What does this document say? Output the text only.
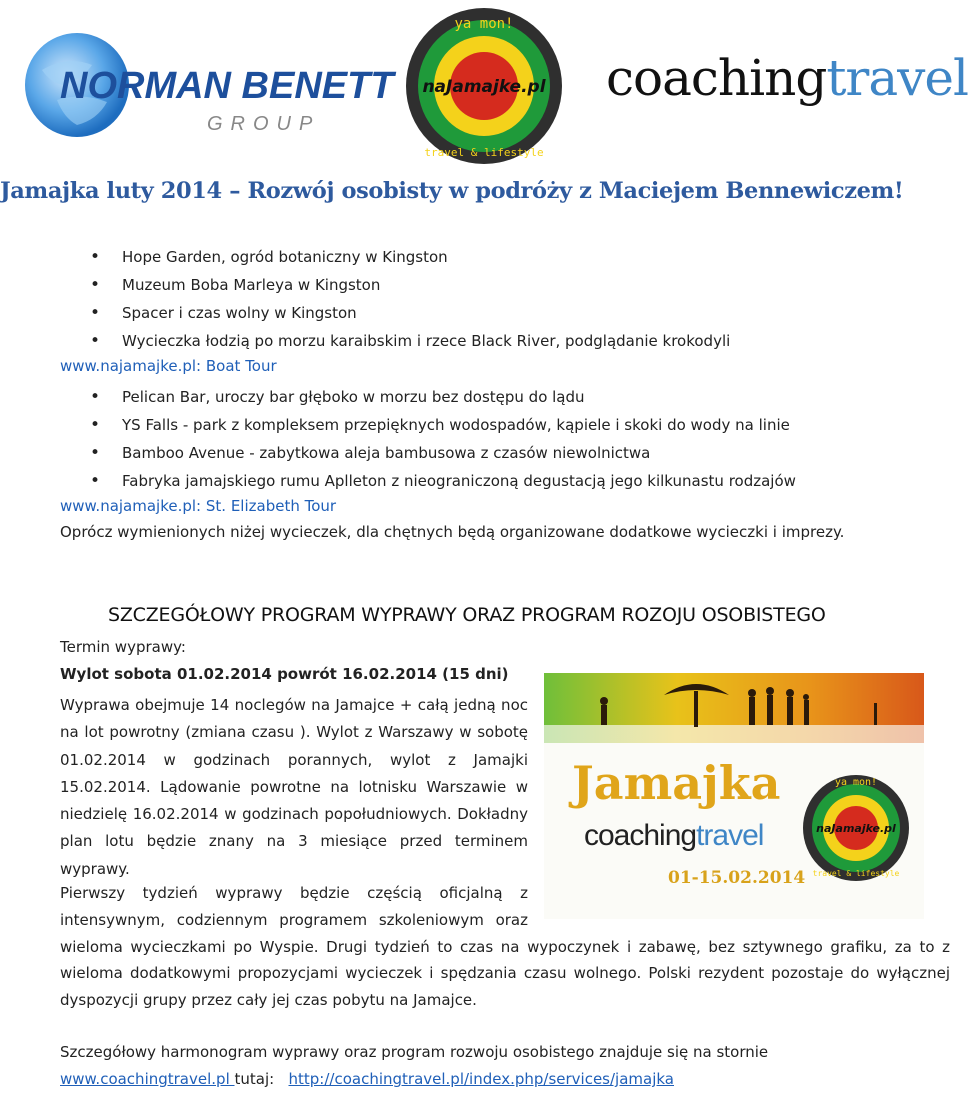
NORMAN BENETT
GROUP
ya mon!
naJamajke.pl
travel & lifestyle
coachingtravel
Jamajka luty 2014 – Rozwój osobisty w podróży z Maciejem Bennewiczem!
• Hope Garden, ogród botaniczny w Kingston
• Muzeum Boba Marleya w Kingston
• Spacer i czas wolny w Kingston
• Wycieczka łodzią po morzu karaibskim i rzece Black River, podglądanie krokodyli
www.najamajke.pl: Boat Tour
• Pelican Bar, uroczy bar głęboko w morzu bez dostępu do lądu
• YS Falls - park z kompleksem przepięknych wodospadów, kąpiele i skoki do wody na linie
• Bamboo Avenue - zabytkowa aleja bambusowa z czasów niewolnictwa
• Fabryka jamajskiego rumu Aplleton z nieograniczoną degustacją jego kilkunastu rodzajów
www.najamajke.pl: St. Elizabeth Tour
Oprócz wymienionych niżej wycieczek, dla chętnych będą organizowane dodatkowe wycieczki i imprezy.
SZCZEGÓŁOWY PROGRAM WYPRAWY ORAZ PROGRAM ROZOJU OSOBISTEGO
Termin wyprawy:
Wylot sobota 01.02.2014 powrót 16.02.2014 (15 dni)
Wyprawa obejmuje 14 noclegów na Jamajce + całą jedną noc na lot powrotny (zmiana czasu ). Wylot z Warszawy w sobotę 01.02.2014 w godzinach porannych, wylot z Jamajki 15.02.2014. Lądowanie powrotne na lotnisku Warszawie w niedzielę 16.02.2014 w godzinach popołudniowych. Dokładny plan lotu będzie znany na 3 miesiące przed terminem wyprawy.
Pierwszy tydzień wyprawy będzie częścią oficjalną z
intensywnym, codziennym programem szkoleniowym oraz
wieloma wycieczkami po Wyspie. Drugi tydzień to czas na wypoczynek i zabawę, bez sztywnego grafiku, za to z wieloma dodatkowymi propozycjami wycieczek i spędzania czasu wolnego. Polski rezydent pozostaje do wyłącznej dyspozycji grupy przez cały jej czas pobytu na Jamajce.
Jamajka
coachingtravel
01-15.02.2014
ya mon!
naJamajke.pl
travel & lifestyle
Szczegółowy harmonogram wyprawy oraz program rozwoju osobistego znajduje się na stornie
www.coachingtravel.pl tutaj: http://coachingtravel.pl/index.php/services/jamajka
